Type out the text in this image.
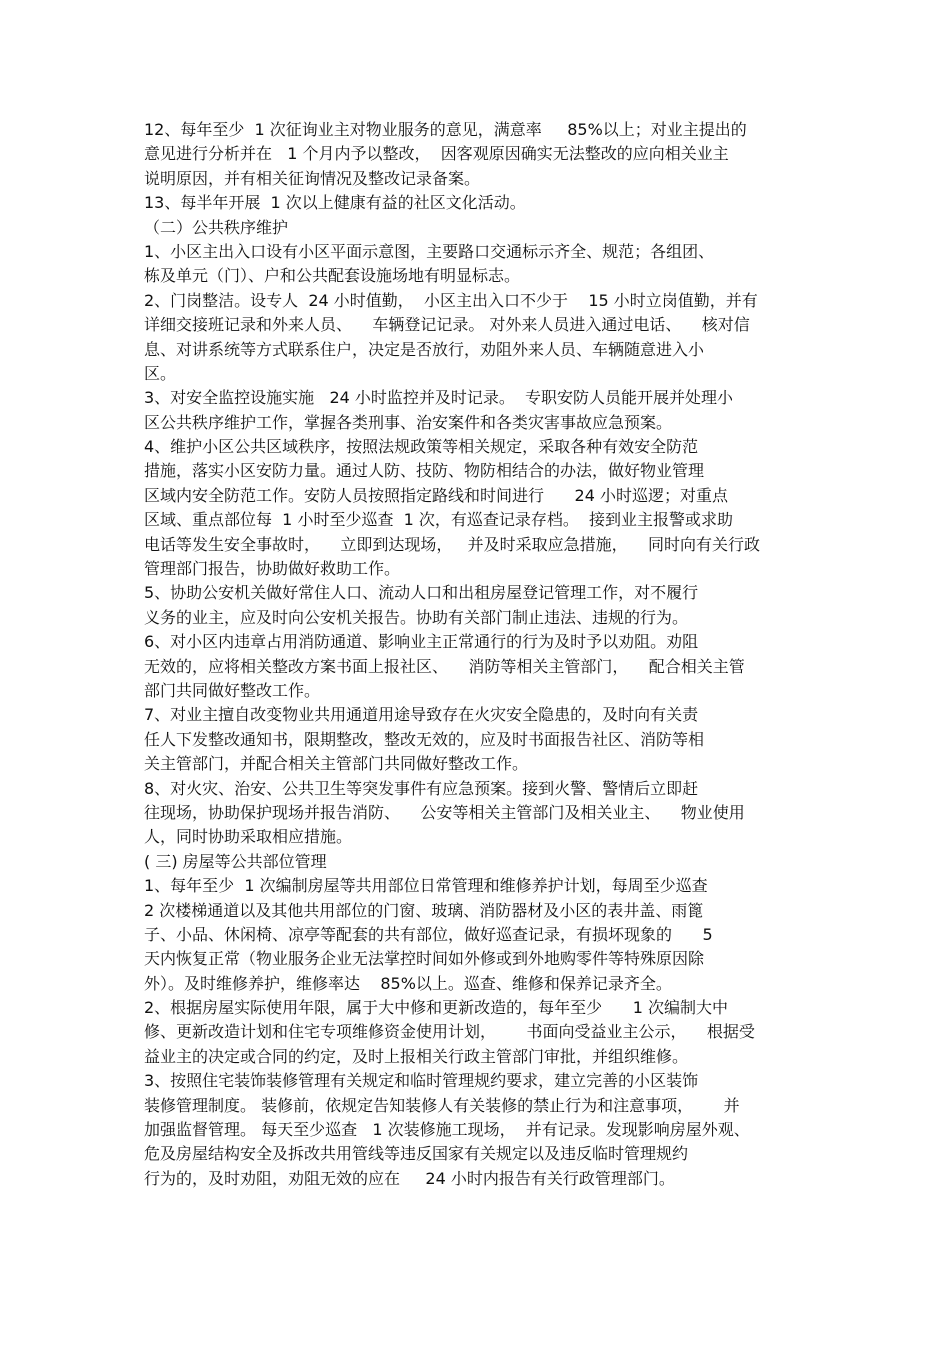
12、每年至少  1 次征询业主对物业服务的意见，满意率     85%以上；对业主提出的
意见进行分析并在   1 个月内予以整改，  因客观原因确实无法整改的应向相关业主
说明原因，并有相关征询情况及整改记录备案。
13、每半年开展  1 次以上健康有益的社区文化活动。
（二）公共秩序维护
1、小区主出入口设有小区平面示意图，主要路口交通标示齐全、规范；各组团、
栋及单元（门）、户和公共配套设施场地有明显标志。
2、门岗整洁。设专人  24 小时值勤，  小区主出入口不少于    15 小时立岗值勤，并有
详细交接班记录和外来人员、    车辆登记记录。 对外来人员进入通过电话、    核对信
息、对讲系统等方式联系住户，决定是否放行，劝阻外来人员、车辆随意进入小
区。
3、对安全监控设施实施   24 小时监控并及时记录。  专职安防人员能开展并处理小
区公共秩序维护工作，掌握各类刑事、治安案件和各类灾害事故应急预案。
4、维护小区公共区域秩序，按照法规政策等相关规定，采取各种有效安全防范
措施，落实小区安防力量。通过人防、技防、物防相结合的办法，做好物业管理
区域内安全防范工作。安防人员按照指定路线和时间进行      24 小时巡逻；对重点
区域、重点部位每  1 小时至少巡查  1 次，有巡查记录存档。  接到业主报警或求助
电话等发生安全事故时，    立即到达现场，   并及时采取应急措施，    同时向有关行政
管理部门报告，协助做好救助工作。
5、协助公安机关做好常住人口、流动人口和出租房屋登记管理工作，对不履行
义务的业主，应及时向公安机关报告。协助有关部门制止违法、违规的行为。
6、对小区内违章占用消防通道、影响业主正常通行的行为及时予以劝阻。劝阻
无效的，应将相关整改方案书面上报社区、    消防等相关主管部门，    配合相关主管
部门共同做好整改工作。
7、对业主擅自改变物业共用通道用途导致存在火灾安全隐患的，及时向有关责
任人下发整改通知书，限期整改，整改无效的，应及时书面报告社区、消防等相
关主管部门，并配合相关主管部门共同做好整改工作。
8、对火灾、治安、公共卫生等突发事件有应急预案。接到火警、警情后立即赶
往现场，协助保护现场并报告消防、    公安等相关主管部门及相关业主、    物业使用
人，同时协助采取相应措施。
( 三) 房屋等公共部位管理
1、每年至少  1 次编制房屋等共用部位日常管理和维修养护计划，每周至少巡查
2 次楼梯通道以及其他共用部位的门窗、玻璃、消防器材及小区的表井盖、雨篦
子、小品、休闲椅、凉亭等配套的共有部位，做好巡查记录，有损坏现象的      5
天内恢复正常（物业服务企业无法掌控时间如外修或到外地购零件等特殊原因除
外）。及时维修养护，维修率达    85%以上。巡查、维修和保养记录齐全。
2、根据房屋实际使用年限，属于大中修和更新改造的，每年至少      1 次编制大中
修、更新改造计划和住宅专项维修资金使用计划，      书面向受益业主公示，    根据受
益业主的决定或合同的约定，及时上报相关行政主管部门审批，并组织维修。
3、按照住宅装饰装修管理有关规定和临时管理规约要求，建立完善的小区装饰
装修管理制度。 装修前，依规定告知装修人有关装修的禁止行为和注意事项，      并
加强监督管理。 每天至少巡查   1 次装修施工现场，  并有记录。发现影响房屋外观、
危及房屋结构安全及拆改共用管线等违反国家有关规定以及违反临时管理规约
行为的，及时劝阻，劝阻无效的应在     24 小时内报告有关行政管理部门。
